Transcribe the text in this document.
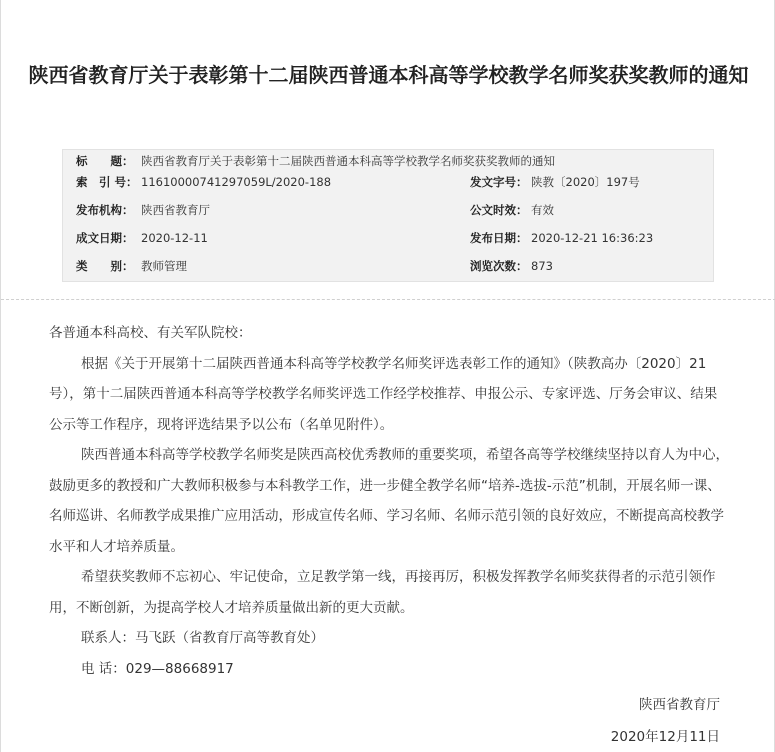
陕西省教育厅关于表彰第十二届陕西普通本科高等学校教学名师奖获奖教师的通知
标　　题： 陕西省教育厅关于表彰第十二届陕西普通本科高等学校教学名师奖获奖教师的通知
索　引 号： 11610000741297059L/2020-188	发文字号： 陕教〔2020〕197号
发布机构： 陕西省教育厅	公文时效： 有效
成文日期： 2020-12-11	发布日期： 2020-12-21 16:36:23
类　　别： 教师管理	浏览次数： 873

各普通本科高校、有关军队院校：

根据《关于开展第十二届陕西普通本科高等学校教学名师奖评选表彰工作的通知》（陕教高办〔2020〕21号），第十二届陕西普通本科高等学校教学名师奖评选工作经学校推荐、申报公示、专家评选、厅务会审议、结果公示等工作程序，现将评选结果予以公布（名单见附件）。

陕西普通本科高等学校教学名师奖是陕西高校优秀教师的重要奖项，希望各高等学校继续坚持以育人为中心，鼓励更多的教授和广大教师积极参与本科教学工作，进一步健全教学名师“培养-选拔-示范”机制，开展名师一课、名师巡讲、名师教学成果推广应用活动，形成宣传名师、学习名师、名师示范引领的良好效应，不断提高高校教学水平和人才培养质量。

希望获奖教师不忘初心、牢记使命，立足教学第一线，再接再厉，积极发挥教学名师奖获得者的示范引领作用，不断创新，为提高学校人才培养质量做出新的更大贡献。

联系人：马飞跃（省教育厅高等教育处）

电 话：029—88668917

陕西省教育厅
2020年12月11日
